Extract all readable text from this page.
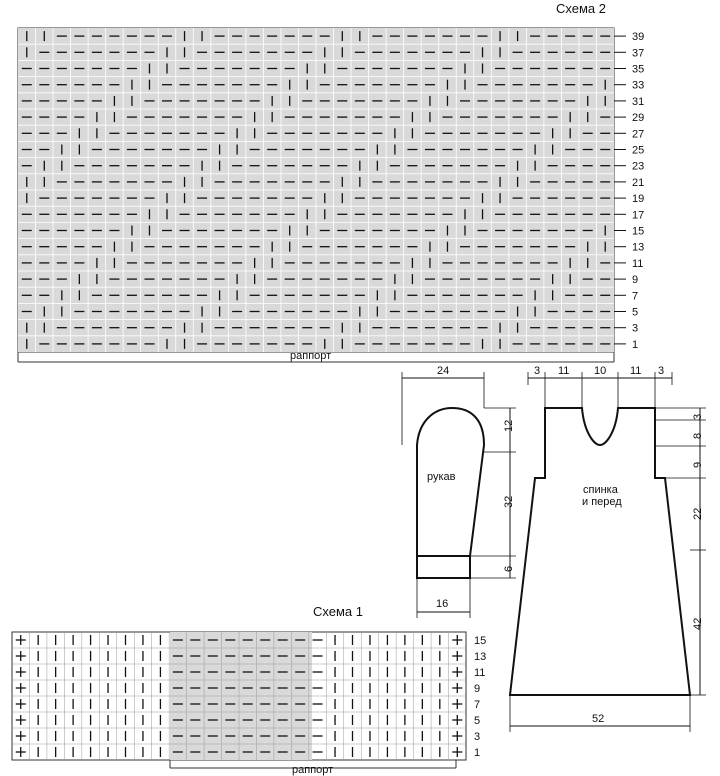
Схема 2
39
37
35
33
31
29
27
25
23
21
19
17
15
13
11
9
7
5
3
1
раппорт
рукав
24
12
32
6
16
спинка
и перед
3 11 10 11 3
3
8
9
22
42
52
Схема 1
15
13
11
9
7
5
3
1
раппорт
